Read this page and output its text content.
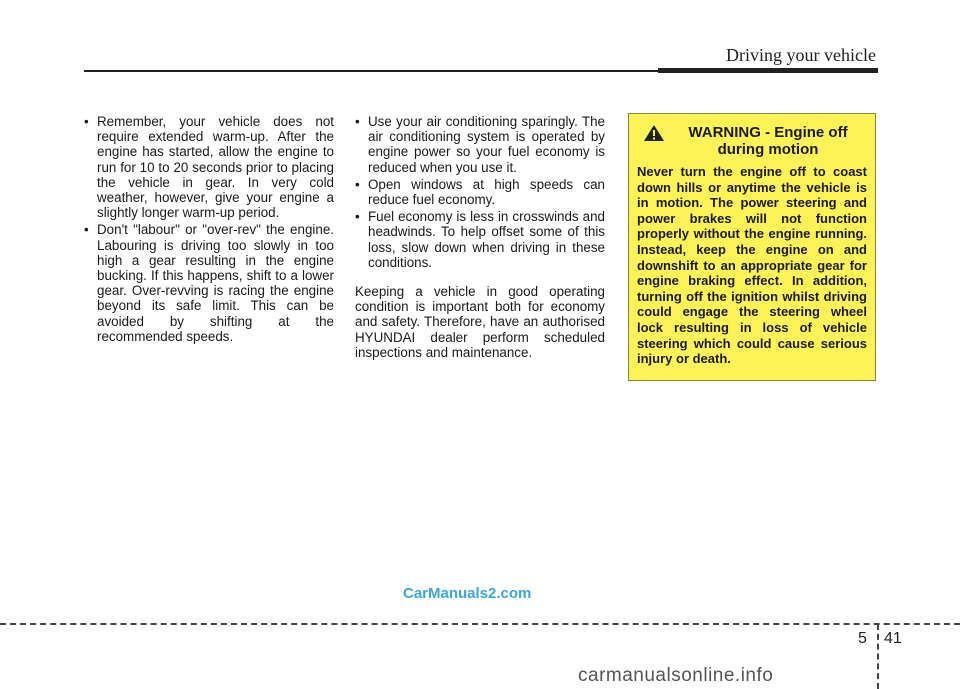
Driving your vehicle
• Remember, your vehicle does not require extended warm-up. After the engine has started, allow the engine to run for 10 to 20 seconds prior to placing the vehicle in gear. In very cold weather, however, give your engine a slightly longer warm-up period.
• Don't "labour" or "over-rev" the engine. Labouring is driving too slowly in too high a gear resulting in the engine bucking. If this happens, shift to a lower gear. Over-revving is racing the engine beyond its safe limit. This can be avoided by shifting at the recommended speeds.
• Use your air conditioning sparingly. The air conditioning system is operated by engine power so your fuel economy is reduced when you use it.
• Open windows at high speeds can reduce fuel economy.
• Fuel economy is less in crosswinds and headwinds. To help offset some of this loss, slow down when driving in these conditions.

Keeping a vehicle in good operating condition is important both for economy and safety. Therefore, have an authorised HYUNDAI dealer perform scheduled inspections and maintenance.

WARNING - Engine off during motion
Never turn the engine off to coast down hills or anytime the vehicle is in motion. The power steering and power brakes will not function properly without the engine running. Instead, keep the engine on and downshift to an appropriate gear for engine braking effect. In addition, turning off the ignition whilst driving could engage the steering wheel lock resulting in loss of vehicle steering which could cause serious injury or death.
CarManuals2.com
5 41
carmanualsonline.info
